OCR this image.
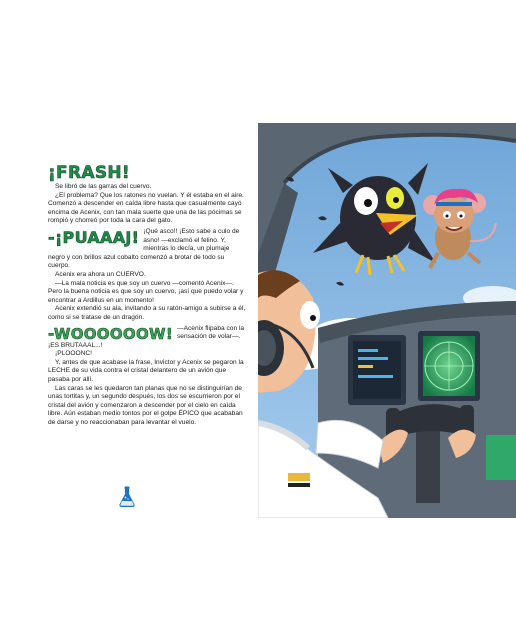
¡FRASH!

Se libró de las garras del cuervo.

¿El problema? Que los ratones no vuelan. Y él estaba en el aire. Comenzó a descender en caída libre hasta que casualmente cayó encima de Acenix, con tan mala suerte que una de las pócimas se rompió y chorreó por toda la cara del gato.

-¡PUAAAJ! ¡Qué asco!! ¡Esto sabe a culo de asno! —exclamó el felino. Y, mientras lo decía, un plumaje negro y con brillos azul cobalto comenzó a brotar de todo su cuerpo.

Acenix era ahora un CUERVO.

—La mala noticia es que soy un cuervo —comentó Acenix—. Pero la buena noticia es que soy un cuervo, ¡así que puedo volar y encontrar a Ardillus en un momento!

Acenix extendió su ala, invitando a su ratón-amigo a subirse a él, como si se tratase de un dragón.

-WOOOOOOW! —Acenix flipaba con la sensación de volar—. ¡ES BRUTAAAL...!

¡PLOOONC!

Y, antes de que acabase la frase, Invictor y Acenix se pegaron la LECHE de su vida contra el cristal delantero de un avión que pasaba por allí.

Las caras se les quedaron tan planas que no se distinguirían de unas tortitas y, un segundo después, los dos se escurrieron por el cristal del avión y comenzaron a descender por el cielo en caída libre. Aún estaban medio tontos por el golpe ÉPICO que acababan de darse y no reaccionaban para levantar el vuelo.
